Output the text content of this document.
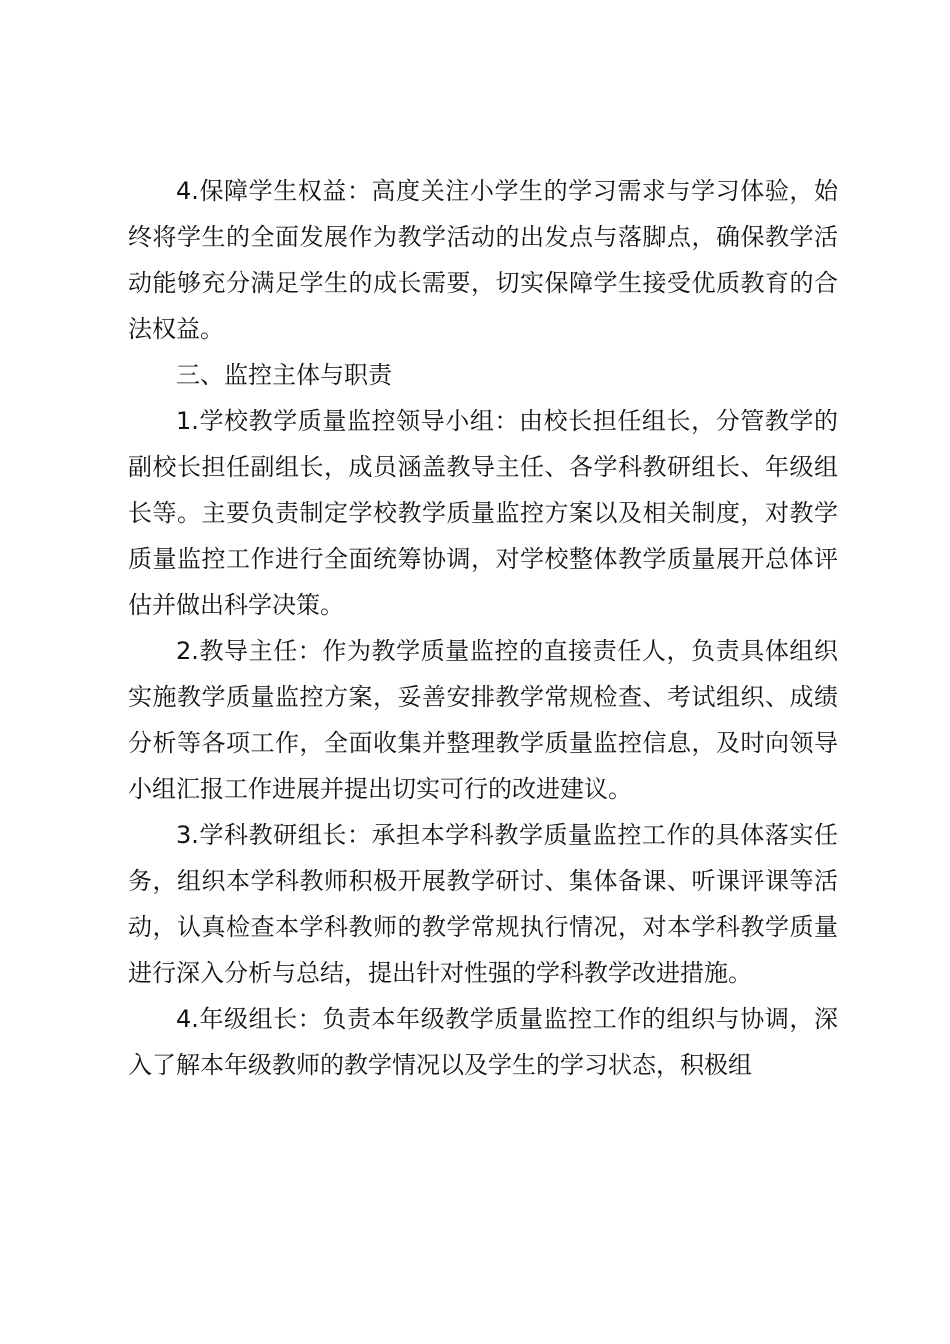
4.保障学生权益：高度关注小学生的学习需求与学习体验，始终将学生的全面发展作为教学活动的出发点与落脚点，确保教学活动能够充分满足学生的成长需要，切实保障学生接受优质教育的合法权益。

三、监控主体与职责

1.学校教学质量监控领导小组：由校长担任组长，分管教学的副校长担任副组长，成员涵盖教导主任、各学科教研组长、年级组长等。主要负责制定学校教学质量监控方案以及相关制度，对教学质量监控工作进行全面统筹协调，对学校整体教学质量展开总体评估并做出科学决策。

2.教导主任：作为教学质量监控的直接责任人，负责具体组织实施教学质量监控方案，妥善安排教学常规检查、考试组织、成绩分析等各项工作，全面收集并整理教学质量监控信息，及时向领导小组汇报工作进展并提出切实可行的改进建议。

3.学科教研组长：承担本学科教学质量监控工作的具体落实任务，组织本学科教师积极开展教学研讨、集体备课、听课评课等活动，认真检查本学科教师的教学常规执行情况，对本学科教学质量进行深入分析与总结，提出针对性强的学科教学改进措施。

4.年级组长：负责本年级教学质量监控工作的组织与协调，深入了解本年级教师的教学情况以及学生的学习状态，积极组
